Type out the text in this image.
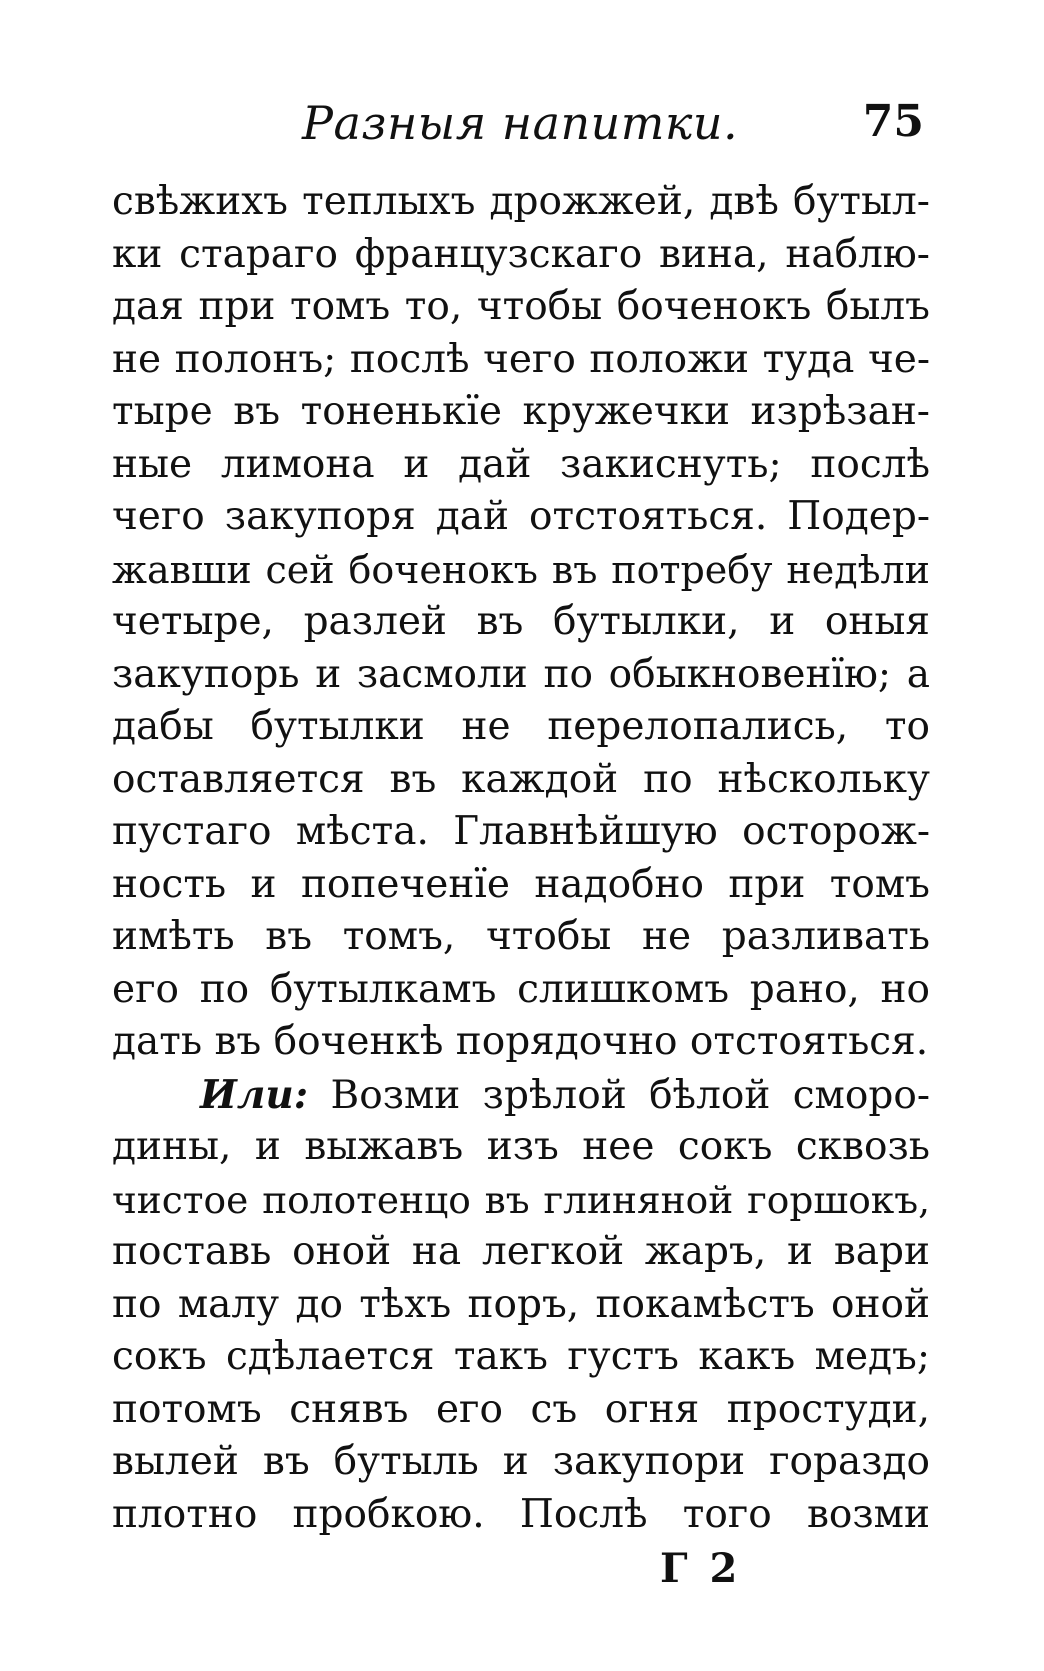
Разныя напитки.	75
свѣжихъ теплыхъ дрожжей, двѣ бутыл-
ки стараго французскаго вина, наблю-
дая при томъ то, чтобы боченокъ былъ
не полонъ; послѣ чего положи туда че-
тыре въ тоненькїе кружечки изрѣзан-
ные лимона и дай закиснуть; послѣ
чего закупоря дай отстояться. Подер-
жавши сей боченокъ въ потребу недѣли
четыре, разлей въ бутылки, и оныя
закупорь и засмоли по обыкновенїю; а
дабы бутылки не перелопались, то
оставляется въ каждой по нѣскольку
пустаго мѣста. Главнѣйшую осторож-
ность и попеченїе надобно при томъ
имѣть въ томъ, чтобы не разливать
его по бутылкамъ слишкомъ рано, но
дать въ боченкѣ порядочно отстояться.
Или: Возми зрѣлой бѣлой сморо-
дины, и выжавъ изъ нее сокъ сквозь
чистое полотенцо въ глиняной горшокъ,
поставь оной на легкой жаръ, и вари
по малу до тѣхъ поръ, покамѣстъ оной
сокъ сдѣлается такъ густъ какъ медъ;
потомъ снявъ его съ огня простуди,
вылей въ бутыль и закупори гораздо
плотно пробкою. Послѣ того возми
Г 2
